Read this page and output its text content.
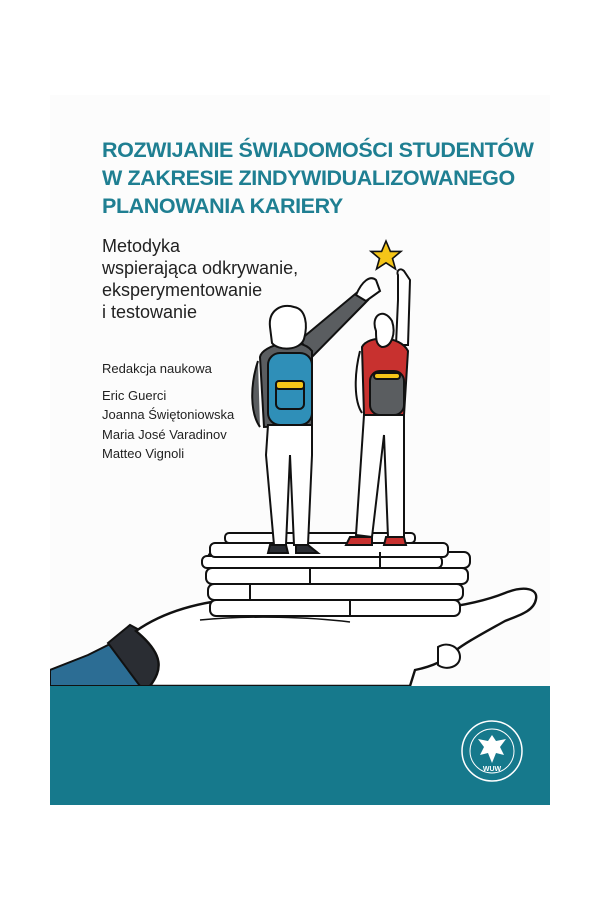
ROZWIJANIE ŚWIADOMOŚCI STUDENTÓW
W ZAKRESIE ZINDYWIDUALIZOWANEGO
PLANOWANIA KARIERY

Metodyka
wspierająca odkrywanie,
eksperymentowanie
i testowanie

Redakcja naukowa
Eric Guerci
Joanna Świętoniowska
Maria José Varadinov
Matteo Vignoli
WUW
